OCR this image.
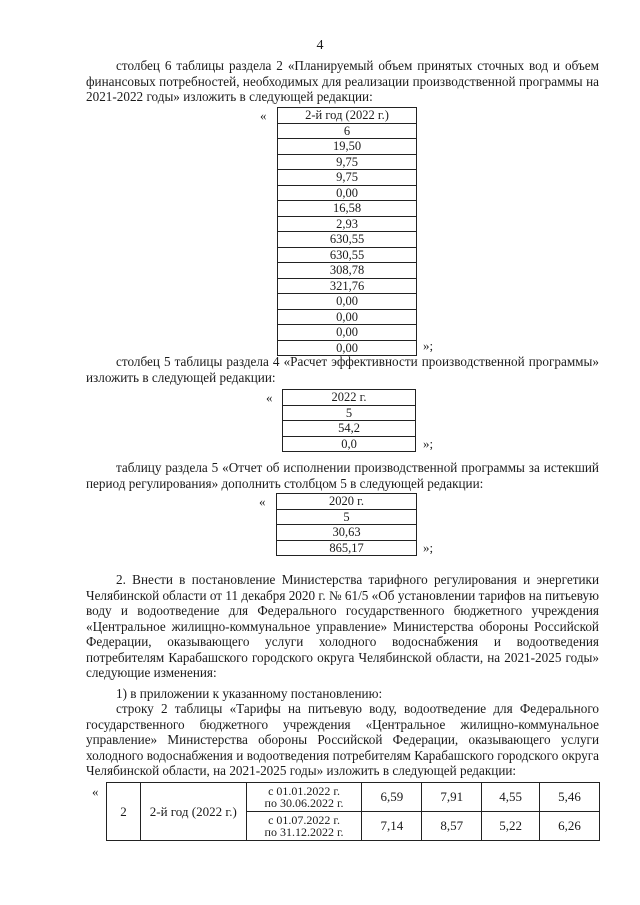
4

столбец 6 таблицы раздела 2 «Планируемый объем принятых сточных вод и объем финансовых потребностей, необходимых для реализации производственной программы на 2021-2022 годы» изложить в следующей редакции:

«	2-й год (2022 г.)
6
19,50
9,75
9,75
0,00
16,58
2,93
630,55
630,55
308,78
321,76
0,00
0,00
0,00
0,00	»;

столбец 5 таблицы раздела 4 «Расчет эффективности производственной программы» изложить в следующей редакции:

«	2022 г.
5
54,2
0,0	»;

таблицу раздела 5 «Отчет об исполнении производственной программы за истекший период регулирования» дополнить столбцом 5 в следующей редакции:

«	2020 г.
5
30,63
865,17	»;

2. Внести в постановление Министерства тарифного регулирования и энергетики Челябинской области от 11 декабря 2020 г. № 61/5 «Об установлении тарифов на питьевую воду и водоотведение для Федерального государственного бюджетного учреждения «Центральное жилищно-коммунальное управление» Министерства обороны Российской Федерации, оказывающего услуги холодного водоснабжения и водоотведения потребителям Карабашского городского округа Челябинской области, на 2021-2025 годы» следующие изменения:

1) в приложении к указанному постановлению:

строку 2 таблицы «Тарифы на питьевую воду, водоотведение для Федерального государственного бюджетного учреждения «Центральное жилищно-коммунальное управление» Министерства обороны Российской Федерации, оказывающего услуги холодного водоснабжения и водоотведения потребителям Карабашского городского округа Челябинской области, на 2021-2025 годы» изложить в следующей редакции:

«
2	2-й год (2022 г.)	с 01.01.2022 г.
по 30.06.2022 г.	6,59	7,91	4,55	5,46

		с 01.07.2022 г.
по 31.12.2022 г.	7,14	8,57	5,22	6,26
